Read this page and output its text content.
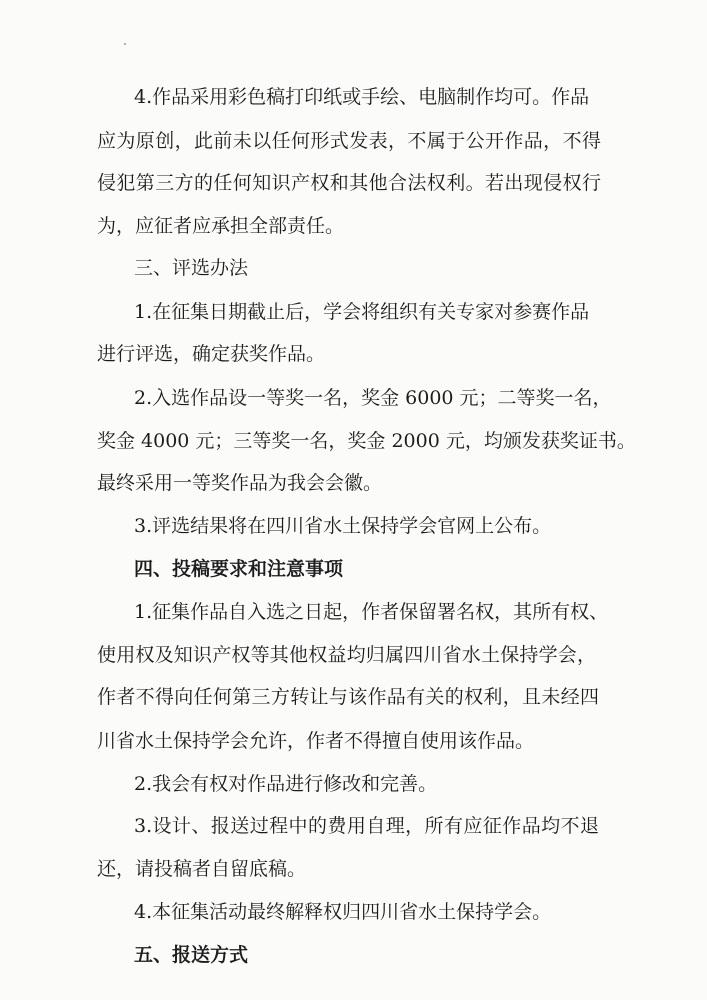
4.作品采用彩色稿打印纸或手绘、电脑制作均可。作品
应为原创，此前未以任何形式发表，不属于公开作品，不得
侵犯第三方的任何知识产权和其他合法权利。若出现侵权行
为，应征者应承担全部责任。
三、评选办法
1.在征集日期截止后，学会将组织有关专家对参赛作品
进行评选，确定获奖作品。
2.入选作品设一等奖一名，奖金 6000 元；二等奖一名，
奖金 4000 元；三等奖一名，奖金 2000 元，均颁发获奖证书。
最终采用一等奖作品为我会会徽。
3.评选结果将在四川省水土保持学会官网上公布。
四、投稿要求和注意事项
1.征集作品自入选之日起，作者保留署名权，其所有权、
使用权及知识产权等其他权益均归属四川省水土保持学会，
作者不得向任何第三方转让与该作品有关的权利，且未经四
川省水土保持学会允许，作者不得擅自使用该作品。
2.我会有权对作品进行修改和完善。
3.设计、报送过程中的费用自理，所有应征作品均不退
还，请投稿者自留底稿。
4.本征集活动最终解释权归四川省水土保持学会。
五、报送方式
